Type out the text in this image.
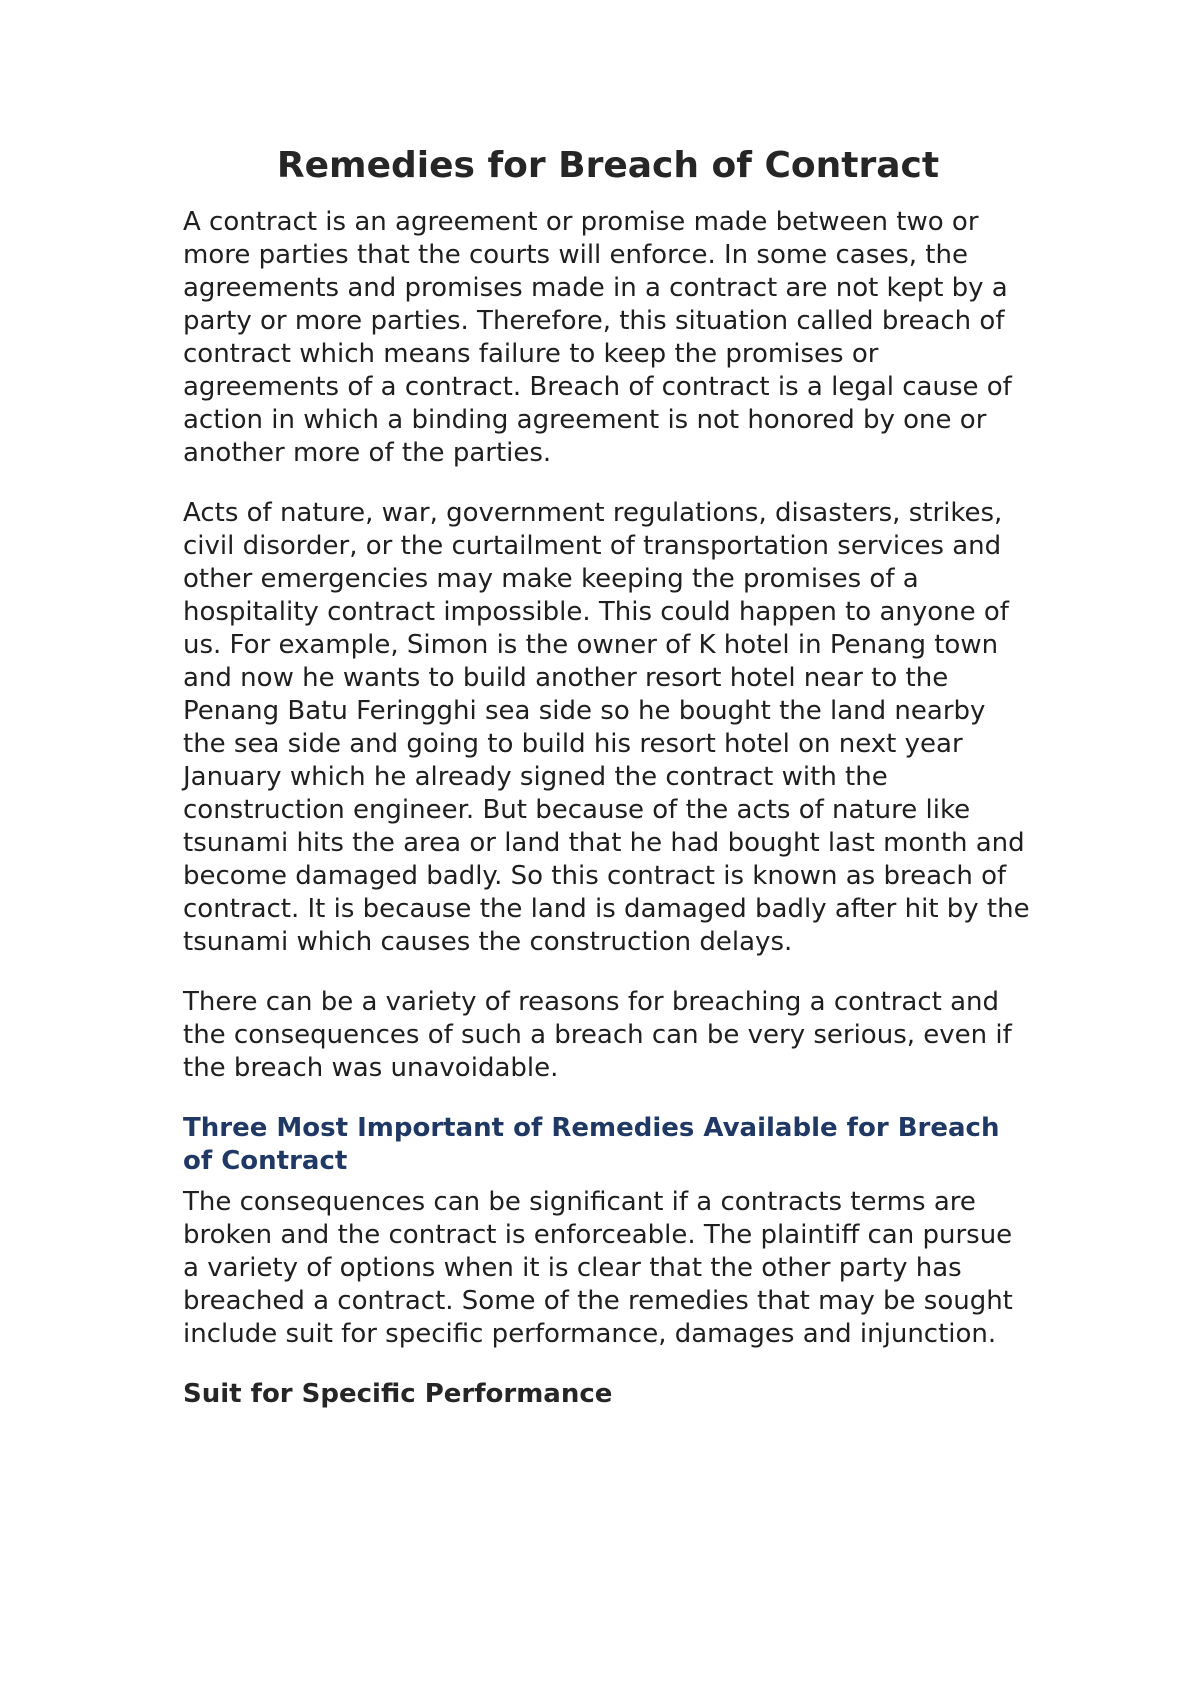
Remedies for Breach of Contract

A contract is an agreement or promise made between two or more parties that the courts will enforce. In some cases, the agreements and promises made in a contract are not kept by a party or more parties. Therefore, this situation called breach of contract which means failure to keep the promises or agreements of a contract. Breach of contract is a legal cause of action in which a binding agreement is not honored by one or another more of the parties.

Acts of nature, war, government regulations, disasters, strikes, civil disorder, or the curtailment of transportation services and other emergencies may make keeping the promises of a hospitality contract impossible. This could happen to anyone of us. For example, Simon is the owner of K hotel in Penang town and now he wants to build another resort hotel near to the Penang Batu Feringghi sea side so he bought the land nearby the sea side and going to build his resort hotel on next year January which he already signed the contract with the construction engineer. But because of the acts of nature like tsunami hits the area or land that he had bought last month and become damaged badly. So this contract is known as breach of contract. It is because the land is damaged badly after hit by the tsunami which causes the construction delays.

There can be a variety of reasons for breaching a contract and the consequences of such a breach can be very serious, even if the breach was unavoidable.

Three Most Important of Remedies Available for Breach of Contract

The consequences can be significant if a contracts terms are broken and the contract is enforceable. The plaintiff can pursue a variety of options when it is clear that the other party has breached a contract. Some of the remedies that may be sought include suit for specific performance, damages and injunction.

Suit for Specific Performance
